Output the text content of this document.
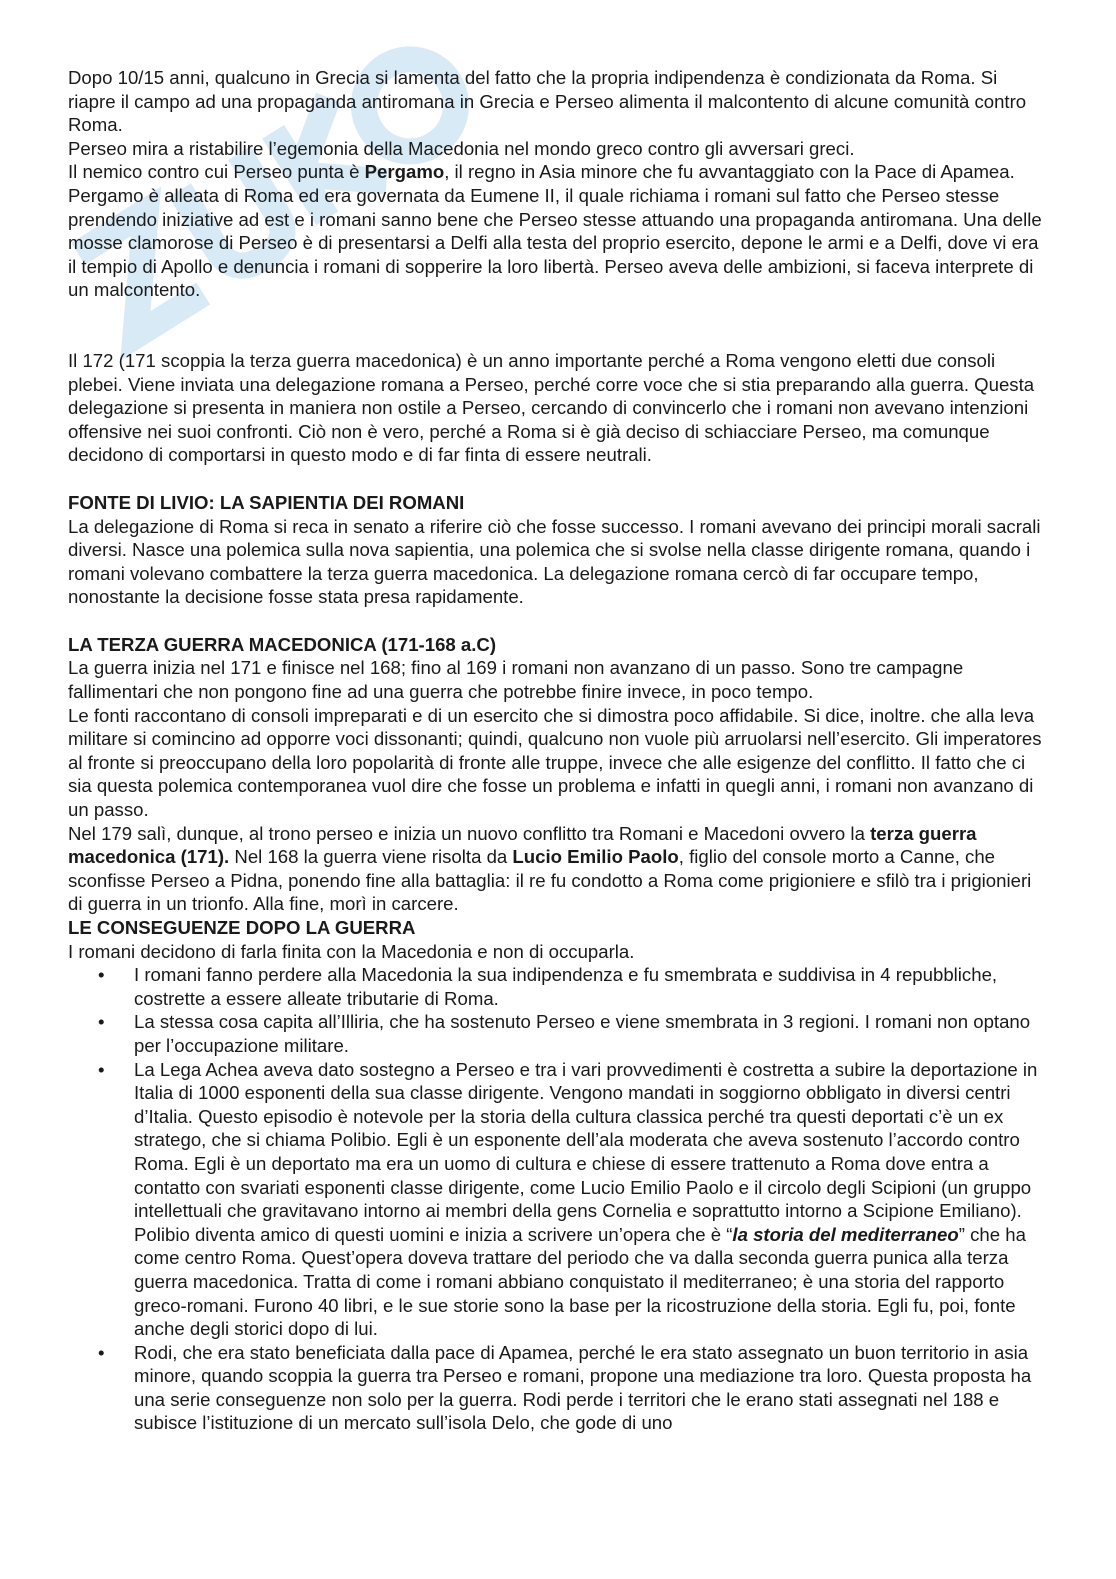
Dopo 10/15 anni, qualcuno in Grecia si lamenta del fatto che la propria indipendenza è condizionata da Roma. Si riapre il campo ad una propaganda antiromana in Grecia e Perseo alimenta il malcontento di alcune comunità contro Roma.

Perseo mira a ristabilire l’egemonia della Macedonia nel mondo greco contro gli avversari greci.

Il nemico contro cui Perseo punta è Pergamo, il regno in Asia minore che fu avvantaggiato con la Pace di Apamea. Pergamo è alleata di Roma ed era governata da Eumene II, il quale richiama i romani sul fatto che Perseo stesse prendendo iniziative ad est e i romani sanno bene che Perseo stesse attuando una propaganda antiromana. Una delle mosse clamorose di Perseo è di presentarsi a Delfi alla testa del proprio esercito, depone le armi e a Delfi, dove vi era il tempio di Apollo e denuncia i romani di sopperire la loro libertà. Perseo aveva delle ambizioni, si faceva interprete di un malcontento.

Il 172 (171 scoppia la terza guerra macedonica) è un anno importante perché a Roma vengono eletti due consoli plebei. Viene inviata una delegazione romana a Perseo, perché corre voce che si stia preparando alla guerra. Questa delegazione si presenta in maniera non ostile a Perseo, cercando di convincerlo che i romani non avevano intenzioni offensive nei suoi confronti. Ciò non è vero, perché a Roma si è già deciso di schiacciare Perseo, ma comunque decidono di comportarsi in questo modo e di far finta di essere neutrali.

FONTE DI LIVIO: LA SAPIENTIA DEI ROMANI

La delegazione di Roma si reca in senato a riferire ciò che fosse successo. I romani avevano dei principi morali sacrali diversi. Nasce una polemica sulla nova sapientia, una polemica che si svolse nella classe dirigente romana, quando i romani volevano combattere la terza guerra macedonica. La delegazione romana cercò di far occupare tempo, nonostante la decisione fosse stata presa rapidamente.

LA TERZA GUERRA MACEDONICA (171-168 a.C)

La guerra inizia nel 171 e finisce nel 168; fino al 169 i romani non avanzano di un passo. Sono tre campagne fallimentari che non pongono fine ad una guerra che potrebbe finire invece, in poco tempo.

Le fonti raccontano di consoli impreparati e di un esercito che si dimostra poco affidabile. Si dice, inoltre. che alla leva militare si comincino ad opporre voci dissonanti; quindi, qualcuno non vuole più arruolarsi nell’esercito. Gli imperatores al fronte si preoccupano della loro popolarità di fronte alle truppe, invece che alle esigenze del conflitto. Il fatto che ci sia questa polemica contemporanea vuol dire che fosse un problema e infatti in quegli anni, i romani non avanzano di un passo.

Nel 179 salì, dunque, al trono perseo e inizia un nuovo conflitto tra Romani e Macedoni ovvero la terza guerra macedonica (171). Nel 168 la guerra viene risolta da Lucio Emilio Paolo, figlio del console morto a Canne, che sconfisse Perseo a Pidna, ponendo fine alla battaglia: il re fu condotto a Roma come prigioniere e sfilò tra i prigionieri di guerra in un trionfo. Alla fine, morì in carcere.

LE CONSEGUENZE DOPO LA GUERRA

I romani decidono di farla finita con la Macedonia e non di occuparla.

• I romani fanno perdere alla Macedonia la sua indipendenza e fu smembrata e suddivisa in 4 repubbliche, costrette a essere alleate tributarie di Roma.
• La stessa cosa capita all’Illiria, che ha sostenuto Perseo e viene smembrata in 3 regioni. I romani non optano per l’occupazione militare.
• La Lega Achea aveva dato sostegno a Perseo e tra i vari provvedimenti è costretta a subire la deportazione in Italia di 1000 esponenti della sua classe dirigente. Vengono mandati in soggiorno obbligato in diversi centri d’Italia. Questo episodio è notevole per la storia della cultura classica perché tra questi deportati c’è un ex stratego, che si chiama Polibio. Egli è un esponente dell’ala moderata che aveva sostenuto l’accordo contro Roma. Egli è un deportato ma era un uomo di cultura e chiese di essere trattenuto a Roma dove entra a contatto con svariati esponenti classe dirigente, come Lucio Emilio Paolo e il circolo degli Scipioni (un gruppo intellettuali che gravitavano intorno ai membri della gens Cornelia e soprattutto intorno a Scipione Emiliano). Polibio diventa amico di questi uomini e inizia a scrivere un’opera che è “la storia del mediterraneo” che ha come centro Roma. Quest’opera doveva trattare del periodo che va dalla seconda guerra punica alla terza guerra macedonica. Tratta di come i romani abbiano conquistato il mediterraneo; è una storia del rapporto greco-romani. Furono 40 libri, e le sue storie sono la base per la ricostruzione della storia. Egli fu, poi, fonte anche degli storici dopo di lui.
• Rodi, che era stato beneficiata dalla pace di Apamea, perché le era stato assegnato un buon territorio in asia minore, quando scoppia la guerra tra Perseo e romani, propone una mediazione tra loro. Questa proposta ha una serie conseguenze non solo per la guerra. Rodi perde i territori che le erano stati assegnati nel 188 e subisce l’istituzione di un mercato sull’isola Delo, che gode di uno
